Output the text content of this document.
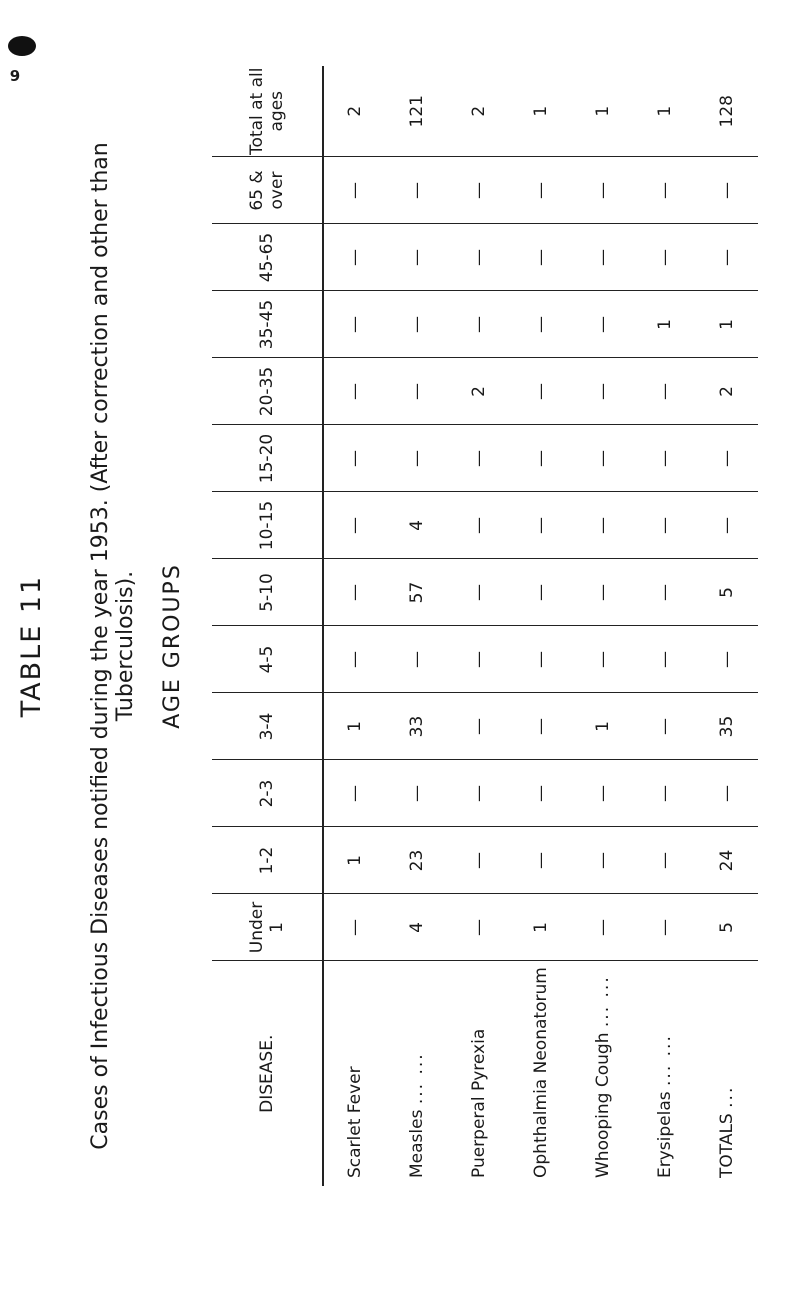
9
TABLE 11 Cases of Infectious Diseases notified during the year 1953. (After correction and other than Tuberculosis). AGE GROUPS
DISEASE.	Under 1	1-2	2-3	3-4	4-5	5-10	10-15	15-20	20-35	35-45	45-65	65 & over	Total at all ages
Scarlet Fever	—	1	—	1	—	—	—	—	—	—	—	—	2
Measles ... ...	4	23	—	33	—	57	4	—	—	—	—	—	121
Puerperal Pyrexia	—	—	—	—	—	—	—	—	2	—	—	—	2
Ophthalmia Neonatorum	1	—	—	—	—	—	—	—	—	—	—	—	1
Whooping Cough ... ...	—	—	—	1	—	—	—	—	—	—	—	—	1
Erysipelas ... ...	—	—	—	—	—	—	—	—	—	1	—	—	1
TOTALS ...	5	24	—	35	—	5	—	—	2	1	—	—	128
